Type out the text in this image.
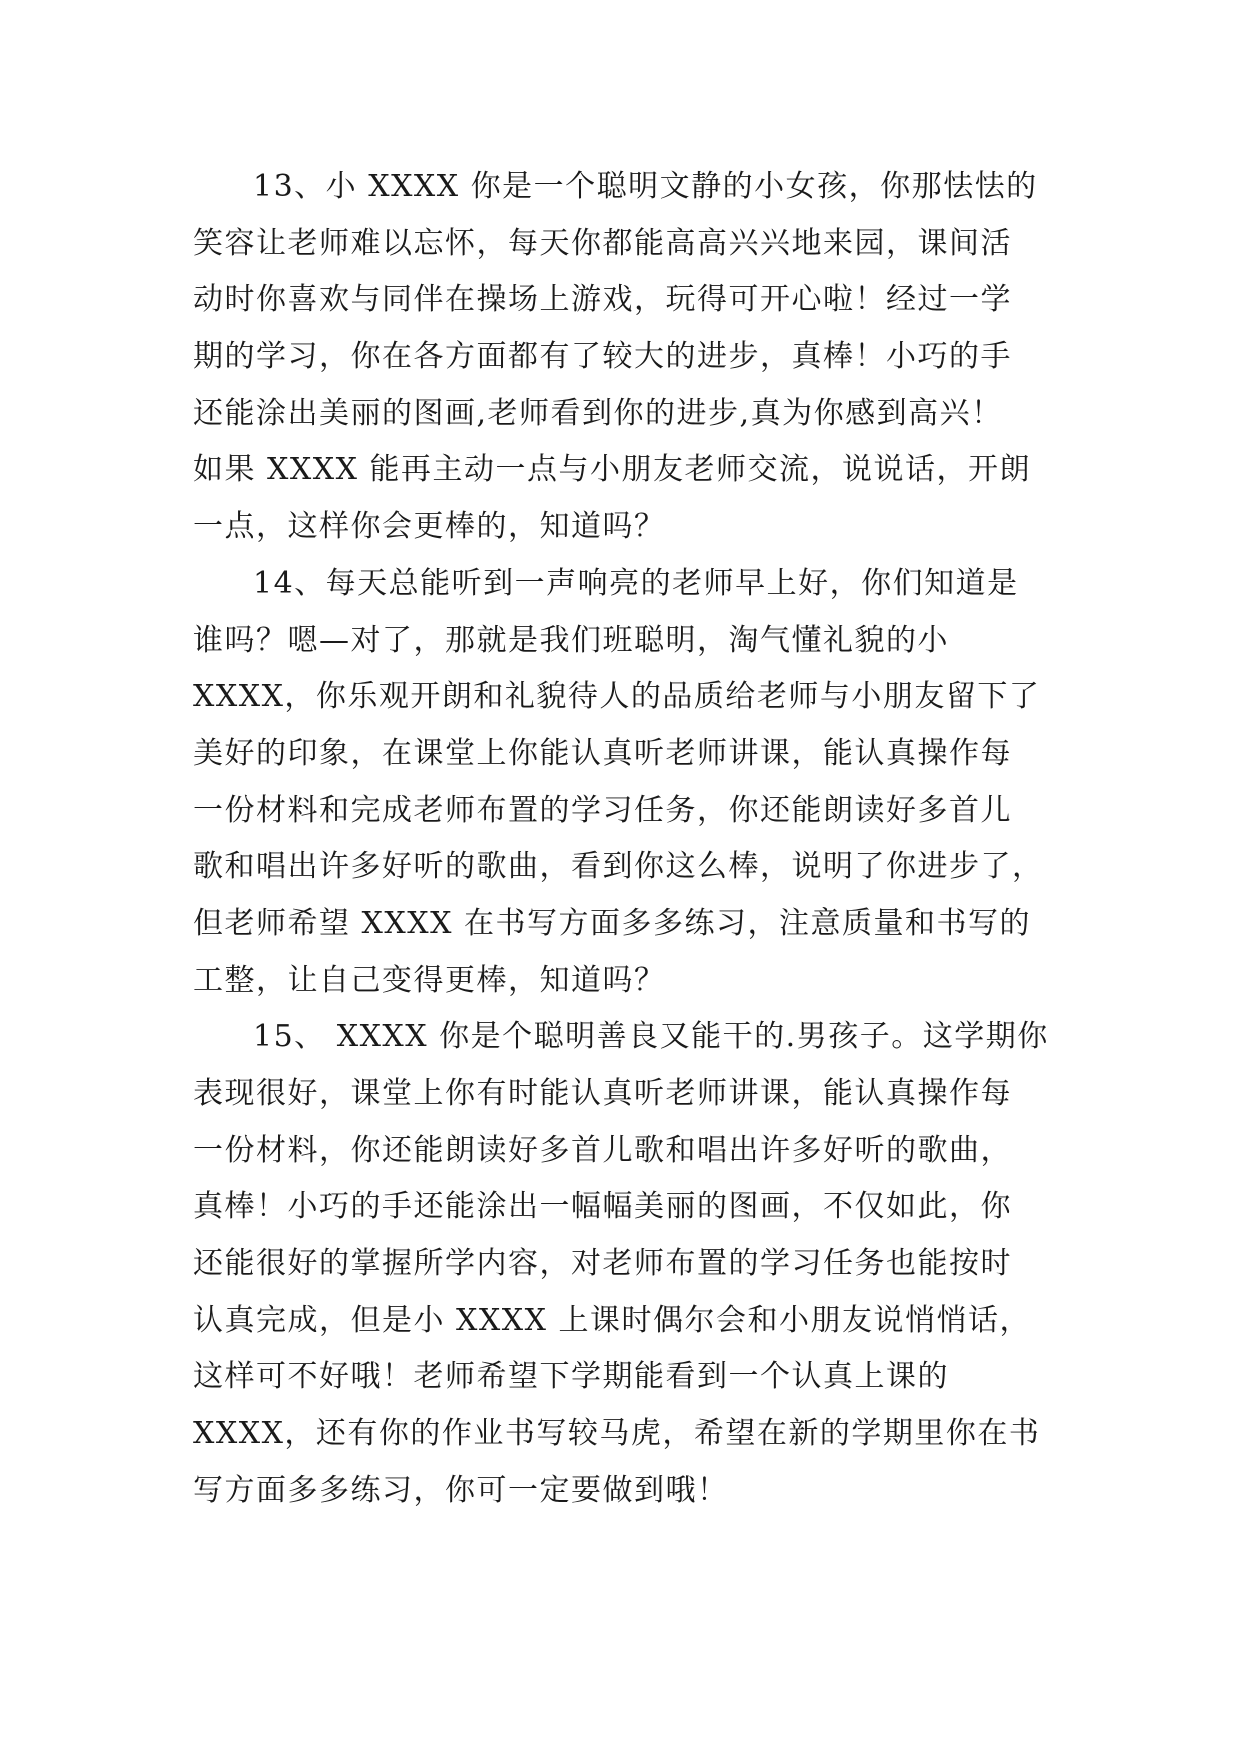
13、小 XXXX 你是一个聪明文静的小女孩，你那怯怯的
笑容让老师难以忘怀，每天你都能高高兴兴地来园，课间活
动时你喜欢与同伴在操场上游戏，玩得可开心啦！经过一学
期的学习，你在各方面都有了较大的进步，真棒！小巧的手
还能涂出美丽的图画,老师看到你的进步,真为你感到高兴！
如果 XXXX 能再主动一点与小朋友老师交流，说说话，开朗
一点，这样你会更棒的，知道吗？
14、每天总能听到一声响亮的老师早上好，你们知道是
谁吗？嗯—对了，那就是我们班聪明，淘气懂礼貌的小
XXXX，你乐观开朗和礼貌待人的品质给老师与小朋友留下了
美好的印象，在课堂上你能认真听老师讲课，能认真操作每
一份材料和完成老师布置的学习任务，你还能朗读好多首儿
歌和唱出许多好听的歌曲，看到你这么棒，说明了你进步了，
但老师希望 XXXX 在书写方面多多练习，注意质量和书写的
工整，让自己变得更棒，知道吗？
15、 XXXX 你是个聪明善良又能干的.男孩子。这学期你
表现很好，课堂上你有时能认真听老师讲课，能认真操作每
一份材料，你还能朗读好多首儿歌和唱出许多好听的歌曲，
真棒！小巧的手还能涂出一幅幅美丽的图画，不仅如此，你
还能很好的掌握所学内容，对老师布置的学习任务也能按时
认真完成，但是小 XXXX 上课时偶尔会和小朋友说悄悄话，
这样可不好哦！老师希望下学期能看到一个认真上课的
XXXX，还有你的作业书写较马虎，希望在新的学期里你在书
写方面多多练习，你可一定要做到哦！
